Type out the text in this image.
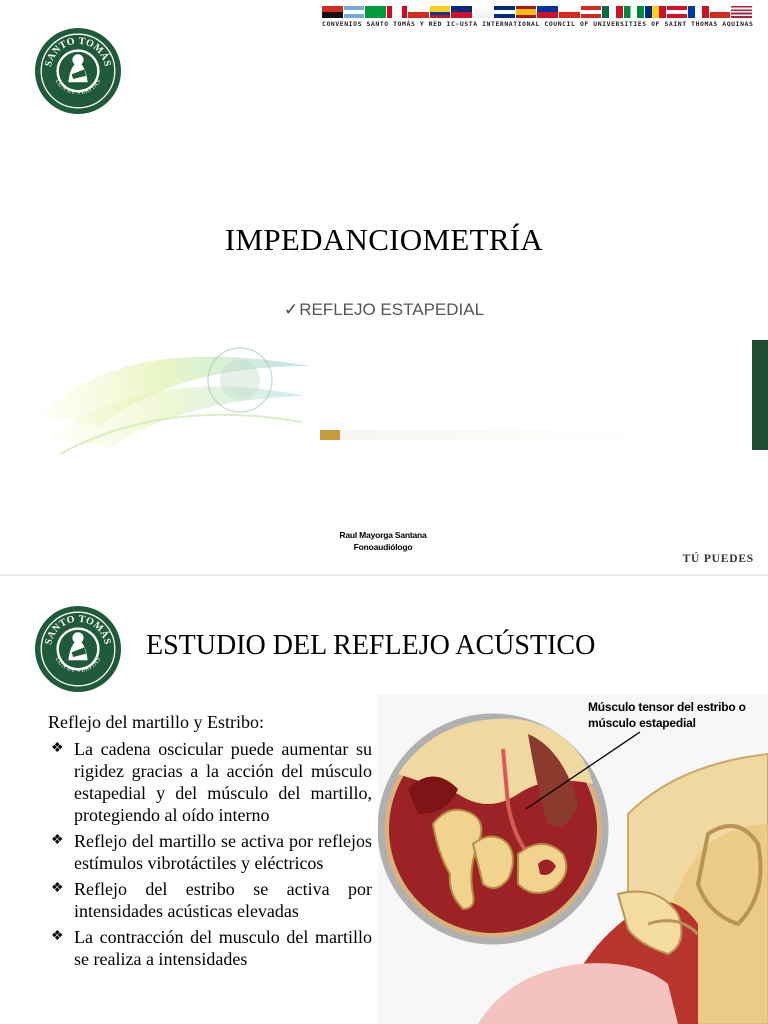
SANTO TOMÁS
LUX ET VERITAS
CONVENIOS SANTO TOMÁS Y RED IC-USTA INTERNATIONAL COUNCIL OF UNIVERSITIES OF SAINT THOMAS AQUINAS
IMPEDANCIOMETRÍA
✓REFLEJO ESTAPEDIAL
Raul Mayorga Santana
Fonoaudiólogo
TÚ PUEDES
SANTO TOMÁS
LUX ET VERITAS ESTUDIO DEL REFLEJO ACÚSTICO
Reflejo del martillo y Estribo:
❖ La cadena oscicular puede aumentar su rigidez gracias a la acción del músculo estapedial y del músculo del martillo, protegiendo al oído interno
❖ Reflejo del martillo se activa por reflejos estímulos vibrotáctiles y eléctricos
❖ Reflejo del estribo se activa por intensidades acústicas elevadas
❖ La contracción del musculo del martillo se realiza a intensidades
Músculo tensor del estribo o músculo estapedial
